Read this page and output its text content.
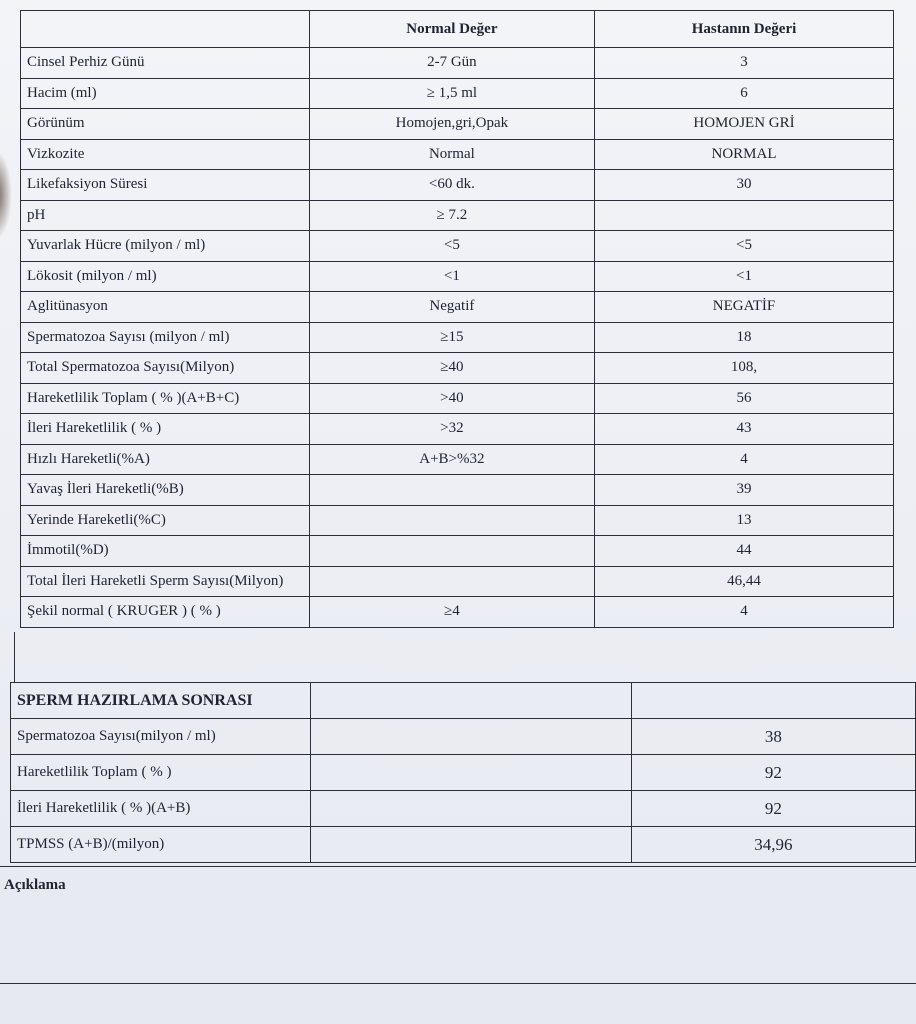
	Normal Değer	Hastanın Değeri
Cinsel Perhiz Günü	2-7 Gün	3
Hacim (ml)	≥ 1,5 ml	6
Görünüm	Homojen,gri,Opak	HOMOJEN GRİ
Vizkozite	Normal	NORMAL
Likefaksiyon Süresi	<60 dk.	30
pH	≥ 7.2	
Yuvarlak Hücre (milyon / ml)	<5	<5
Lökosit (milyon / ml)	<1	<1
Aglitünasyon	Negatif	NEGATİF
Spermatozoa Sayısı (milyon / ml)	≥15	18
Total Spermatozoa Sayısı(Milyon)	≥40	108,
Hareketlilik Toplam ( % )(A+B+C)	>40	56
İleri Hareketlilik ( % )	>32	43
Hızlı Hareketli(%A)	A+B>%32	4
Yavaş İleri Hareketli(%B)		39
Yerinde Hareketli(%C)		13
İmmotil(%D)		44
Total İleri Hareketli Sperm Sayısı(Milyon)		46,44
Şekil normal ( KRUGER ) ( % )	≥4	4
SPERM HAZIRLAMA SONRASI		
Spermatozoa Sayısı(milyon / ml)		38
Hareketlilik Toplam ( % )		92
İleri Hareketlilik ( % )(A+B)		92
TPMSS (A+B)/(milyon)		34,96
Açıklama
